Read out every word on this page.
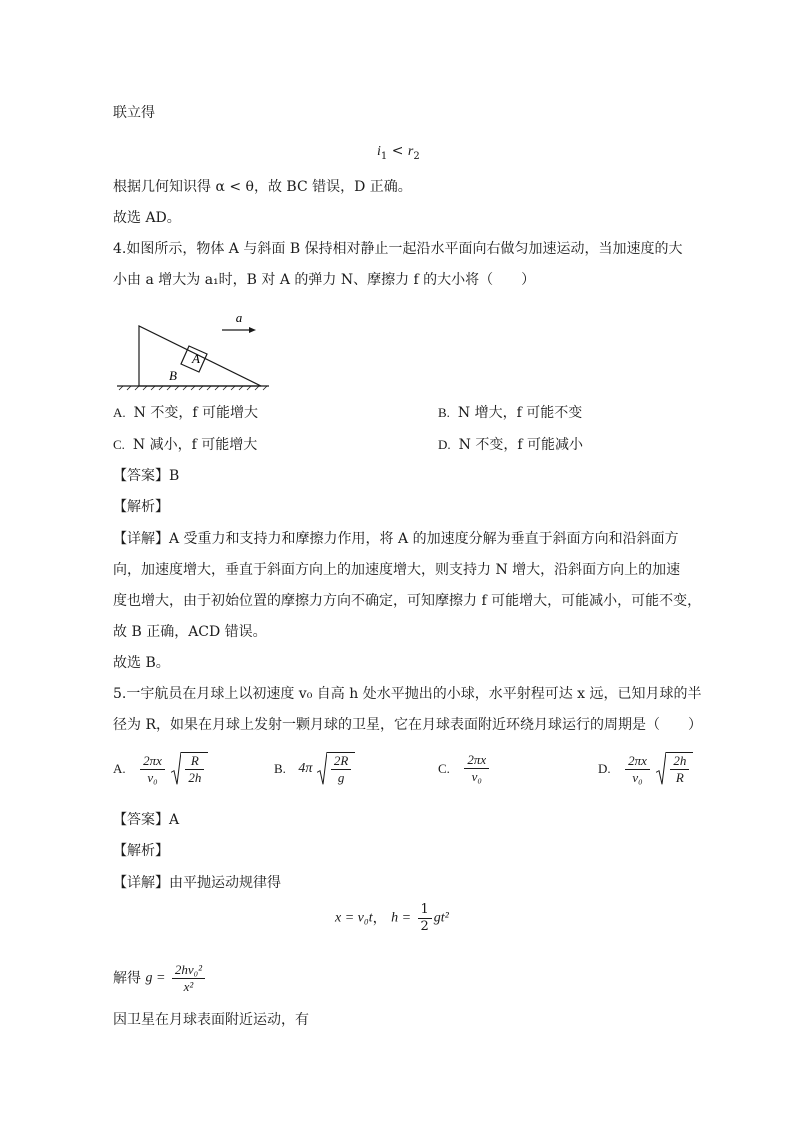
联立得
$i_1 < r_2$
根据几何知识得 α < θ，故 BC 错误，D 正确。
故选 AD。
4.如图所示，物体 A 与斜面 B 保持相对静止一起沿水平面向右做匀加速运动，当加速度的大
小由 a 增大为 a₁时，B 对 A 的弹力 N、摩擦力 f 的大小将（　　）
A
B
a
A. N 不变，f 可能增大	B. N 增大，f 可能不变
C. N 减小，f 可能增大	D. N 不变，f 可能减小
【答案】B
【解析】
【详解】A 受重力和支持力和摩擦力作用，将 A 的加速度分解为垂直于斜面方向和沿斜面方
向，加速度增大，垂直于斜面方向上的加速度增大，则支持力 N 增大，沿斜面方向上的加速
度也增大，由于初始位置的摩擦力方向不确定，可知摩擦力 f 可能增大，可能减小，可能不变，
故 B 正确，ACD 错误。
故选 B。
5.一宇航员在月球上以初速度 v₀ 自高 h 处水平抛出的小球，水平射程可达 x 远，已知月球的半
径为 R，如果在月球上发射一颗月球的卫星，它在月球表面附近环绕月球运行的周期是（　　）
A. $\frac{2\pi x}{\text{v₀}}$
$\frac{R}{2h}$	B. $4\pi \frac{2R}{g}$	C. $\frac{2\pi x}{\text{v₀}}$	D. $\frac{2\pi x}{\text{v₀}}$
$\frac{2h}{R}$
【答案】A
【解析】
【详解】由平抛运动规律得
x = v₀t， $h = \frac{1}{2} gt^2$
解得 $g = \frac{\text{2hv₀²}}{\text{x²}}$
因卫星在月球表面附近运动，有
